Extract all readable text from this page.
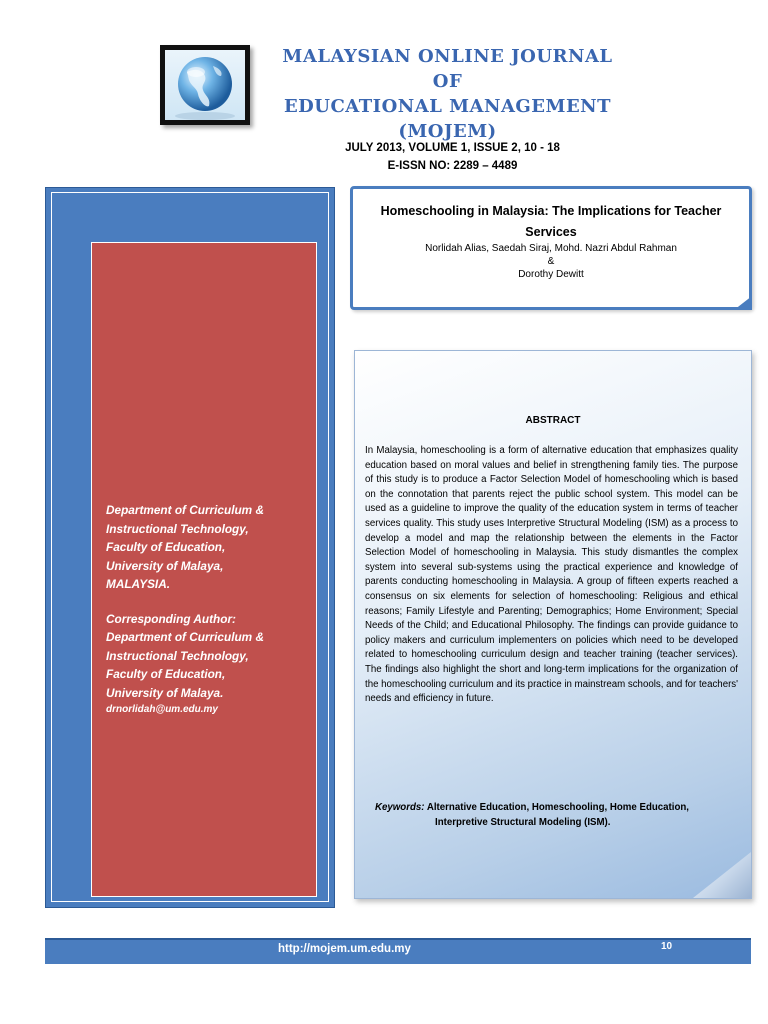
MALAYSIAN ONLINE JOURNAL OF
EDUCATIONAL MANAGEMENT
(MOJEM)
JULY 2013, VOLUME 1, ISSUE 2, 10 - 18
E-ISSN NO: 2289 – 4489

Department of Curriculum &

Instructional Technology,

Faculty of Education,

University of Malaya,

MALAYSIA.

Corresponding Author:

Department of Curriculum &

Instructional Technology,

Faculty of Education,

University of Malaya.

drnorlidah@um.edu.my

Homeschooling in Malaysia: The Implications for Teacher
Services
Norlidah Alias, Saedah Siraj, Mohd. Nazri Abdul Rahman
&
Dorothy Dewitt
ABSTRACT
In Malaysia, homeschooling is a form of alternative education that emphasizes quality education based on moral values and belief in strengthening family ties. The purpose of this study is to produce a Factor Selection Model of homeschooling which is based on the connotation that parents reject the public school system. This model can be used as a guideline to improve the quality of the education system in terms of teacher services quality. This study uses Interpretive Structural Modeling (ISM) as a process to develop a model and map the relationship between the elements in the Factor Selection Model of homeschooling in Malaysia. This study dismantles the complex system into several sub-systems using the practical experience and knowledge of parents conducting homeschooling in Malaysia. A group of fifteen experts reached a consensus on six elements for selection of homeschooling: Religious and ethical reasons; Family Lifestyle and Parenting; Demographics; Home Environment; Special Needs of the Child; and Educational Philosophy. The findings can provide guidance to policy makers and curriculum implementers on policies which need to be developed related to homeschooling curriculum design and teacher training (teacher services). The findings also highlight the short and long-term implications for the organization of the homeschooling curriculum and its practice in mainstream schools, and for teachers' needs and efficiency in future.
Keywords: Alternative Education, Homeschooling, Home Education,
Interpretive Structural Modeling (ISM).
http://mojem.um.edu.my	10
